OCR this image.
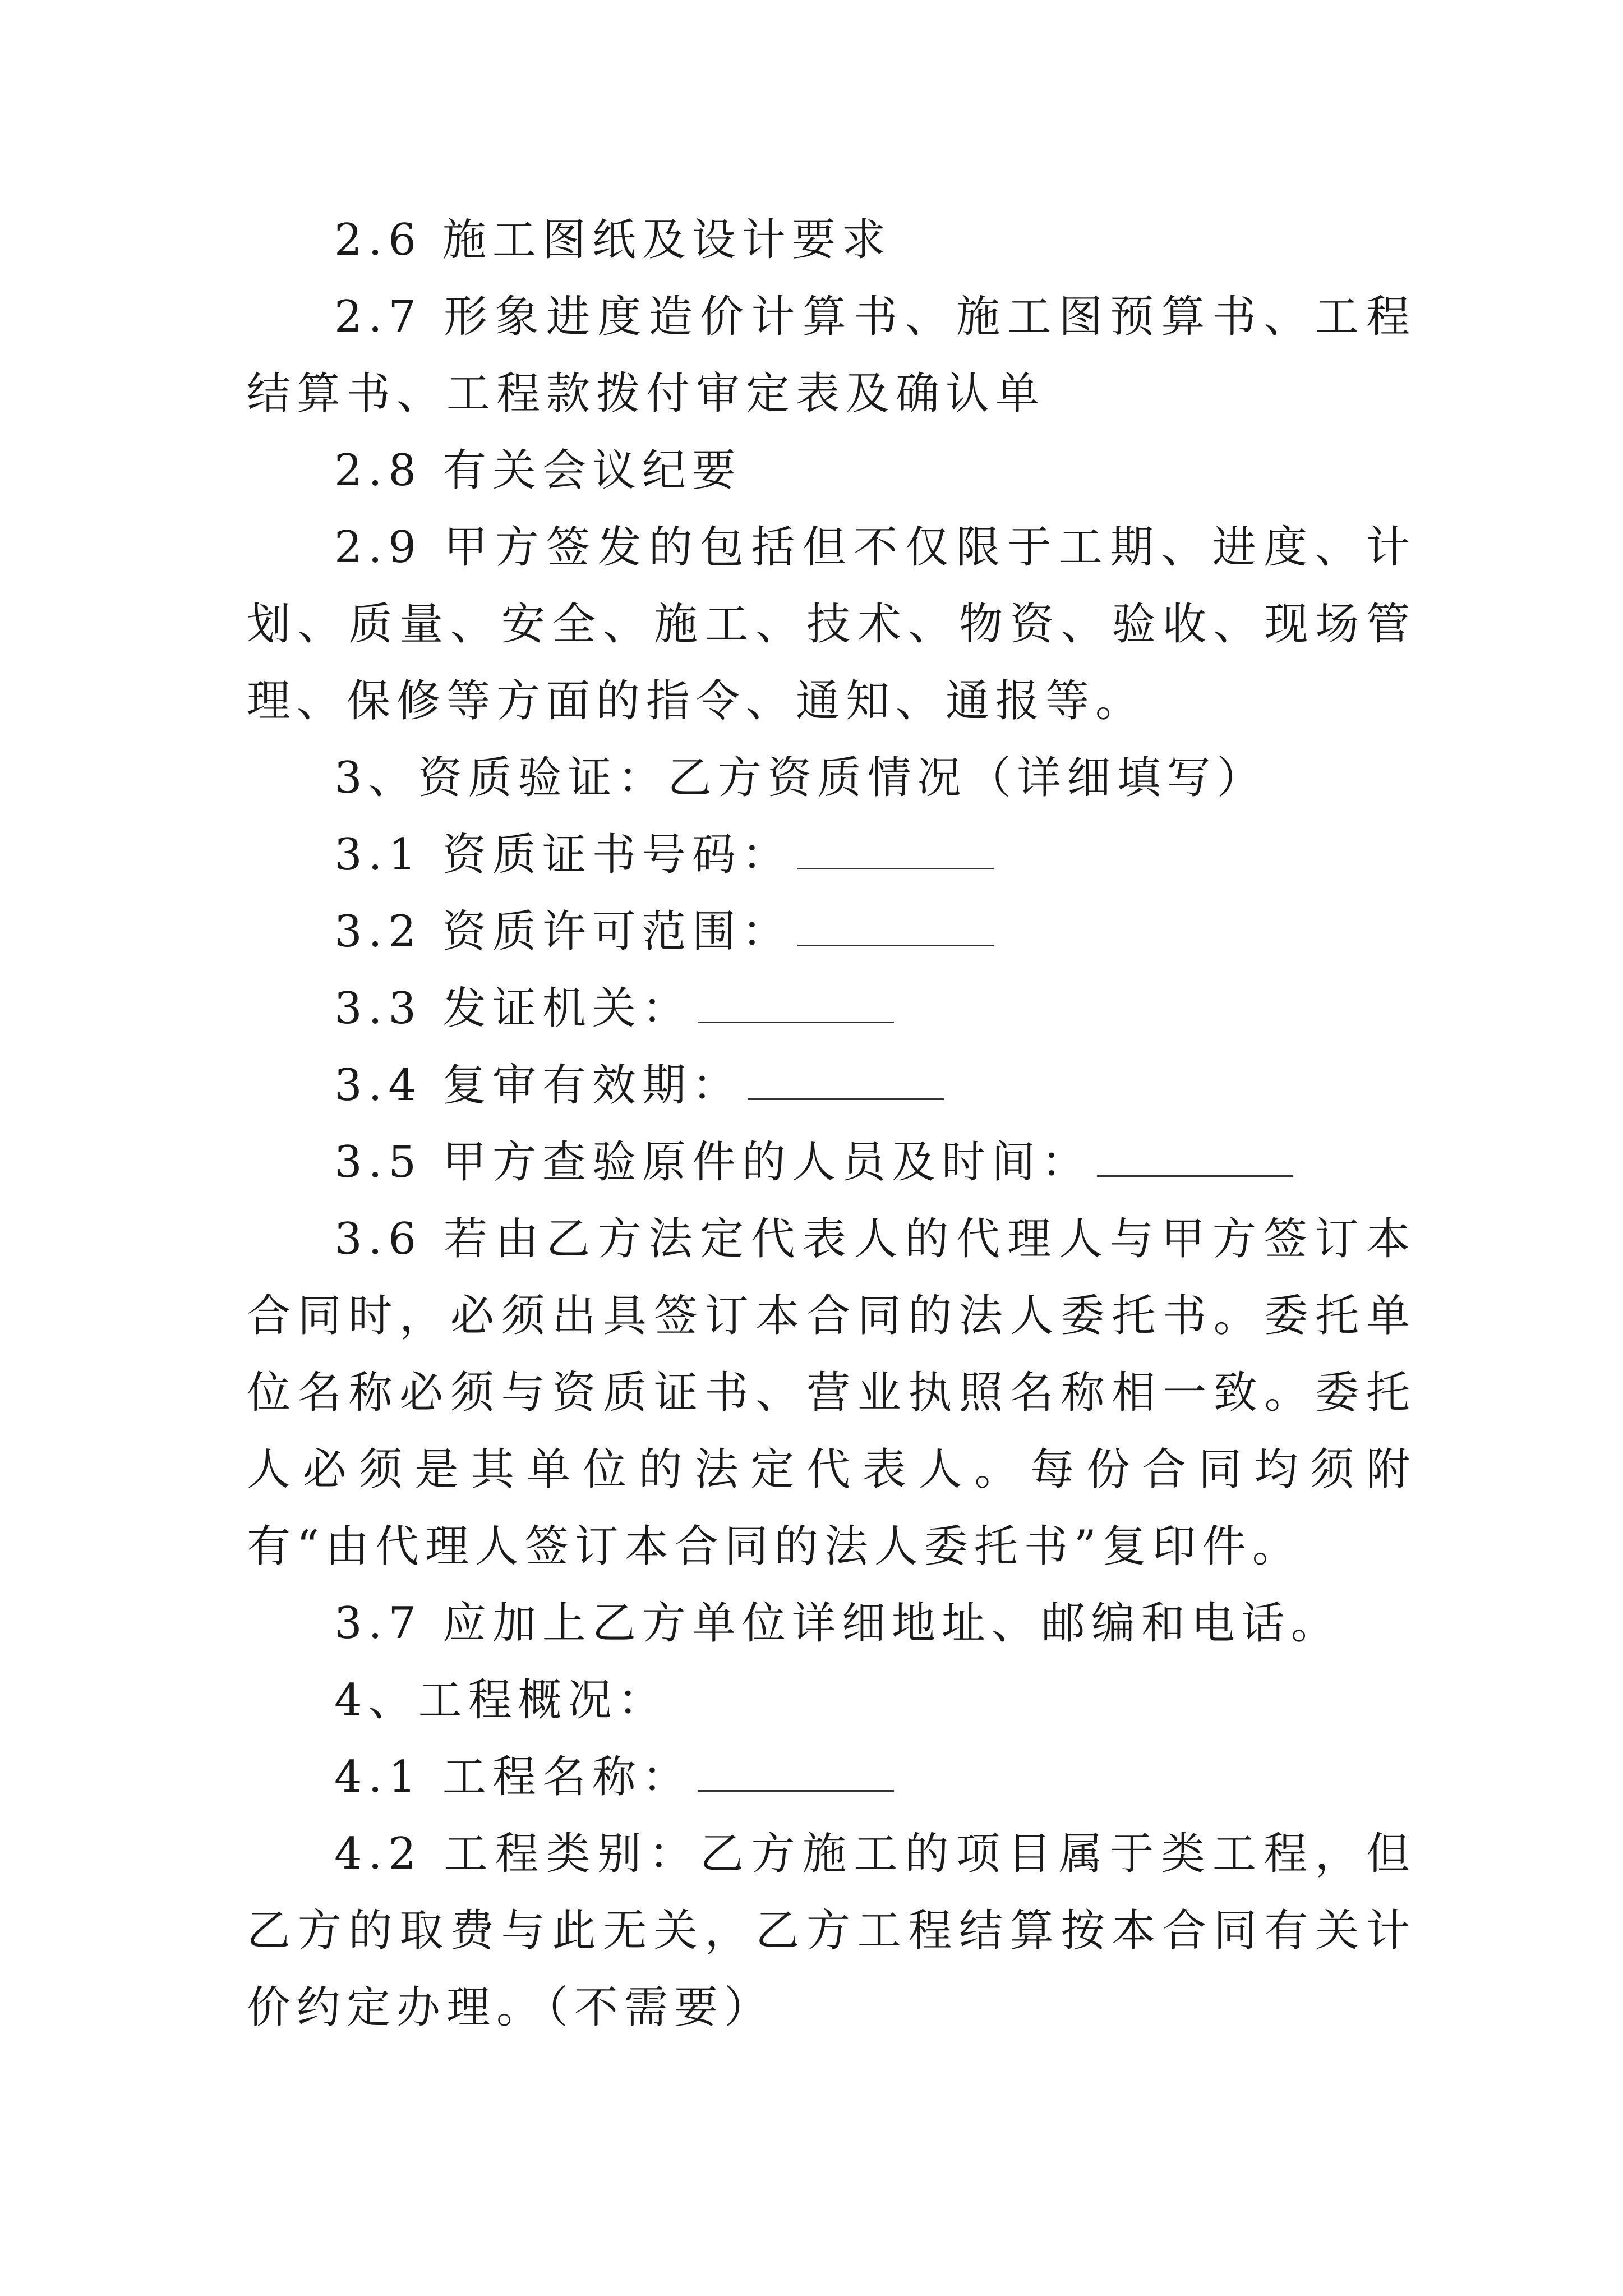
2.6 施工图纸及设计要求

2.7 形象进度造价计算书、施工图预算书、工程结算书、工程款拨付审定表及确认单

2.8 有关会议纪要

2.9 甲方签发的包括但不仅限于工期、进度、计划、质量、安全、施工、技术、物资、验收、现场管理、保修等方面的指令、通知、通报等。

3、资质验证：乙方资质情况（详细填写）

3.1 资质证书号码：

3.2 资质许可范围：

3.3 发证机关：

3.4 复审有效期：

3.5 甲方查验原件的人员及时间：

3.6 若由乙方法定代表人的代理人与甲方签订本合同时，必须出具签订本合同的法人委托书。委托单位名称必须与资质证书、营业执照名称相一致。委托人必须是其单位的法定代表人。每份合同均须附有“由代理人签订本合同的法人委托书”复印件。

3.7 应加上乙方单位详细地址、邮编和电话。

4、工程概况：

4.1 工程名称：

4.2 工程类别：乙方施工的项目属于类工程，但乙方的取费与此无关，乙方工程结算按本合同有关计价约定办理。（不需要）
